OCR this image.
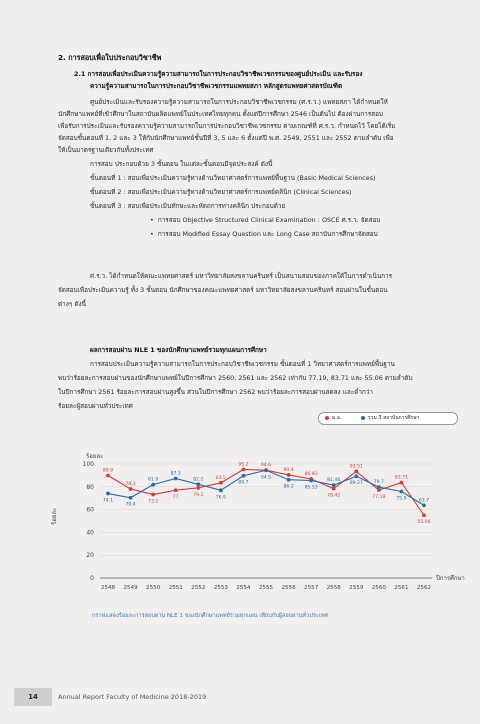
2. การสอบเพื่อใบประกอบวิชาชีพ
2.1 การสอบเพื่อประเมินความรู้ความสามารถในการประกอบวิชาชีพเวชกรรมของศูนย์ประเมิน และรับรอง
ความรู้ความสามารถในการประกอบวิชาชีพเวชกรรมแพทยสภา หลักสูตรแพทยศาสตรบัณฑิต
ศูนย์ประเมินและรับรองความรู้ความสามารถในการประกอบวิชาชีพเวชกรรม (ศ.ร.ว.) แพทยสภา ได้กำหนดให้
นักศึกษาแพทย์ที่เข้าศึกษาในสถาบันผลิตแพทย์ในประเทศไทยทุกคน ตั้งแต่ปีการศึกษา 2546 เป็นต้นไป ต้องผ่านการสอบ
เพื่อรับการประเมินและรับรองความรู้ความสามารถในการประกอบวิชาชีพเวชกรรม ตามเกณฑ์ที่ ศ.ร.ว. กำหนดไว้ โดยได้เริ่ม
จัดสอบขั้นตอนที่ 1, 2 และ 3 ให้กับนักศึกษาแพทย์ชั้นปีที่ 3, 5 และ 6 ตั้งแต่ปี พ.ศ. 2549, 2551 และ 2552 ตามลำดับ เพื่อ
ให้เป็นมาตรฐานเดียวกันทั้งประเทศ
การสอบ ประกอบด้วย 3 ขั้นตอน ในแต่ละขั้นตอนมีจุดประสงค์ ดังนี้
ขั้นตอนที่ 1 : สอบเพื่อประเมินความรู้ทางด้านวิทยาศาสตร์การแพทย์พื้นฐาน (Basic Medical Sciences)
ขั้นตอนที่ 2 : สอบเพื่อประเมินความรู้ทางด้านวิทยาศาสตร์การแพทย์คลินิก (Clinical Sciences)
ขั้นตอนที่ 3 : สอบเพื่อประเมินทักษะและหัตถการทางคลินิก ประกอบด้วย
•  การสอบ Objective Structured Clinical Examination : OSCE ศ.ร.ว. จัดสอบ
•  การสอบ Modified Essay Question และ Long Case สถาบันการศึกษาจัดสอบ
ศ.ร.ว. ได้กำหนดให้คณะแพทยศาสตร์ มหาวิทยาลัยสงขลานครินทร์ เป็นสนามสอบของภาคใต้ในการดำเนินการ
จัดสอบเพื่อประเมินความรู้ ทั้ง 3 ขั้นตอน นักศึกษาของคณะแพทยศาสตร์ มหาวิทยาลัยสงขลานครินทร์ สอบผ่านในขั้นตอน
ต่างๆ ดังนี้
ผลการสอบผ่าน NLE 1 ของนักศึกษาแพทย์รวมทุกแผนการศึกษา
การสอบประเมินความรู้ความสามารถในการประกอบวิชาชีพเวชกรรม ขั้นตอนที่ 1 วิทยาศาสตร์การแพทย์พื้นฐาน
พบว่าร้อยละการสอบผ่านของนักศึกษาแพทย์ในปีการศึกษา 2560, 2561 และ 2562 เท่ากับ 77.19, 83.71 และ 55.06 ตามลำดับ
ในปีการศึกษา 2561 ร้อยละการสอบผ่านสูงขึ้น ส่วนในปีการศึกษา 2562 พบว่าร้อยละการสอบผ่านลดลง และต่ำกว่า
ร้อยละผู้สอบผ่านทั่วประเทศ
ม.อ.	รวม 3 สถาบันการศึกษา
ร้อยละ
ร้อยละ
0
20
40
60
80
100
2548 2549 2550 2551 2552 2553 2554 2555 2556 2557 2558 2559 2560 2561 2562
ปีการศึกษา
89.9
78.1
73.2
77	79.1
83.5
95.2	94.6
90.4
86.83
78.42
93.51
77.19
83.71
55.06
74.1
70.4
81.9
87.3
82.2
76.9
89.7
94.5
86.2 85.53
81.46
89.27 79.7
75.9	63.7
กราฟแสดงร้อยละการสอบผ่าน NLE 1 ของนักศึกษาแพทย์รวมทุกแผน เทียบกับผู้สอบผ่านทั่วประเทศ
14	Annual Report Faculty of Medicine 2018-2019
